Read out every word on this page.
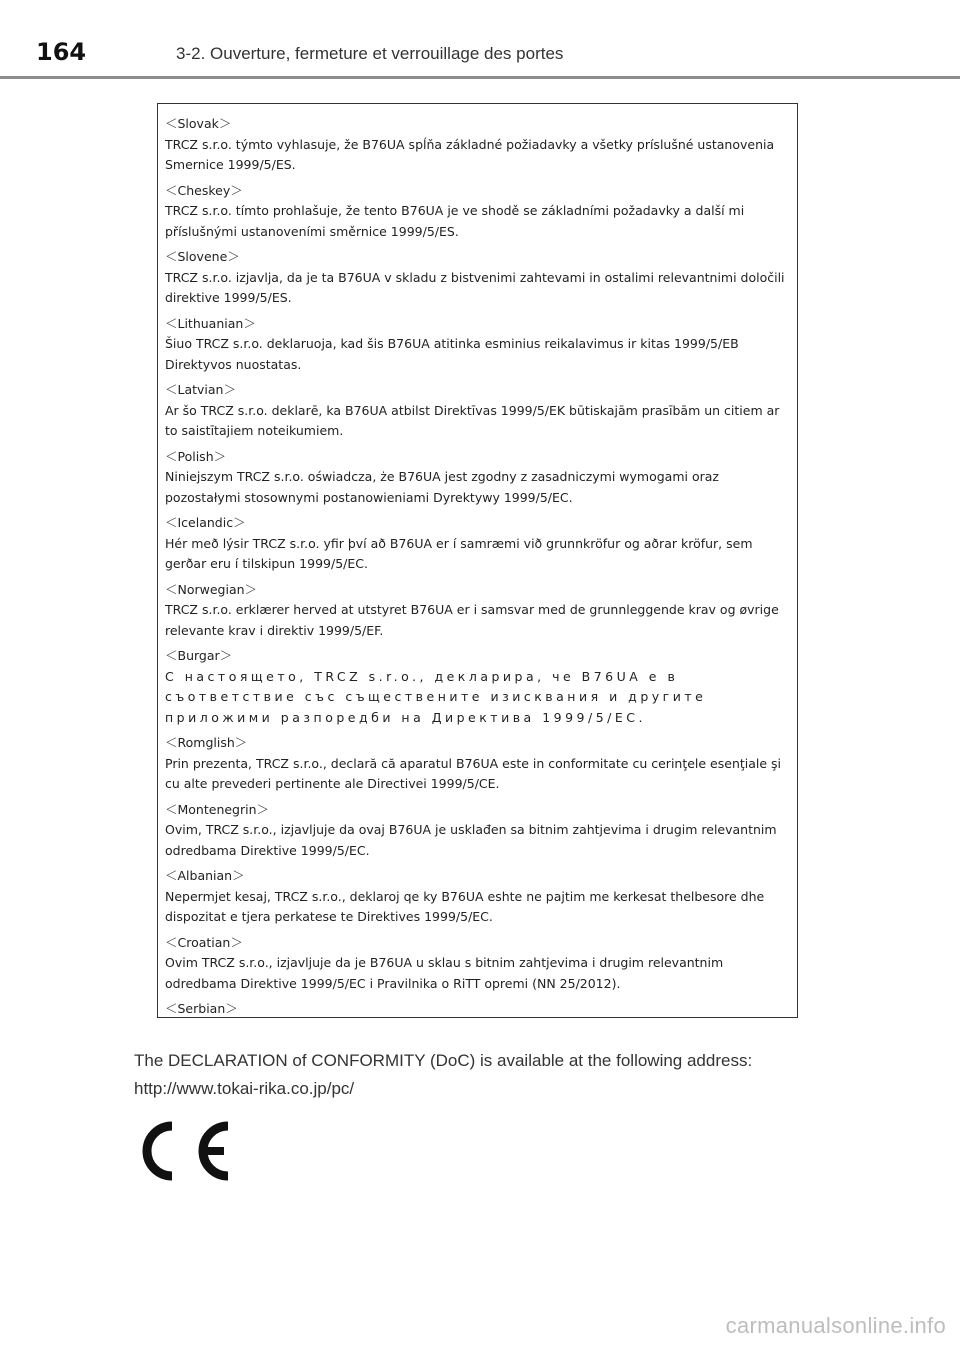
164	3-2. Ouverture, fermeture et verrouillage des portes
＜Slovak＞
TRCZ s.r.o. týmto vyhlasuje, že B76UA spĺňa základné požiadavky a všetky príslušné ustanovenia Smernice 1999/5/ES.
＜Cheskey＞
TRCZ s.r.o. tímto prohlašuje, že tento B76UA je ve shodě se základními požadavky a další mi příslušnými ustanoveními směrnice 1999/5/ES.
＜Slovene＞
TRCZ s.r.o. izjavlja, da je ta B76UA v skladu z bistvenimi zahtevami in ostalimi relevantnimi določili direktive 1999/5/ES.
＜Lithuanian＞
Šiuo TRCZ s.r.o. deklaruoja, kad šis B76UA atitinka esminius reikalavimus ir kitas 1999/5/EB Direktyvos nuostatas.
＜Latvian＞
Ar šo TRCZ s.r.o. deklarē, ka B76UA atbilst Direktīvas 1999/5/EK būtiskajām prasībām un citiem ar to saistītajiem noteikumiem.
＜Polish＞
Niniejszym TRCZ s.r.o. oświadcza, że B76UA jest zgodny z zasadniczymi wymogami oraz pozostałymi stosownymi postanowieniami Dyrektywy 1999/5/EC.
＜Icelandic＞
Hér með lýsir TRCZ s.r.o. yfir því að B76UA er í samræmi við grunnkröfur og aðrar kröfur, sem gerðar eru í tilskipun 1999/5/EC.
＜Norwegian＞
TRCZ s.r.o. erklærer herved at utstyret B76UA er i samsvar med de grunnleggende krav og øvrige relevante krav i direktiv 1999/5/EF.
＜Burgar＞
С настоящето, TRCZ s.r.o., декларира, че B76UA е в съответствие със съществените изисквания и другите приложими разпоредби на Директива 1999/5/ЕС.
＜Romglish＞
Prin prezenta, TRCZ s.r.o., declară că aparatul B76UA este in conformitate cu cerinţele esenţiale şi cu alte prevederi pertinente ale Directivei 1999/5/CE.
＜Montenegrin＞
Ovim, TRCZ s.r.o., izjavljuje da ovaj B76UA je usklađen sa bitnim zahtjevima i drugim relevantnim odredbama Direktive 1999/5/EC.
＜Albanian＞
Nepermjet kesaj, TRCZ s.r.o., deklaroj qe ky B76UA eshte ne pajtim me kerkesat thelbesore dhe dispozitat e tjera perkatese te Direktives 1999/5/EC.
＜Croatian＞
Ovim TRCZ s.r.o., izjavljuje da je B76UA u sklau s bitnim zahtjevima i drugim relevantnim odredbama Direktive 1999/5/EC i Pravilnika o RiTT opremi (NN 25/2012).
＜Serbian＞
The DECLARATION of CONFORMITY (DoC) is available at the following address:
http://www.tokai-rika.co.jp/pc/
carmanualsonline.info
